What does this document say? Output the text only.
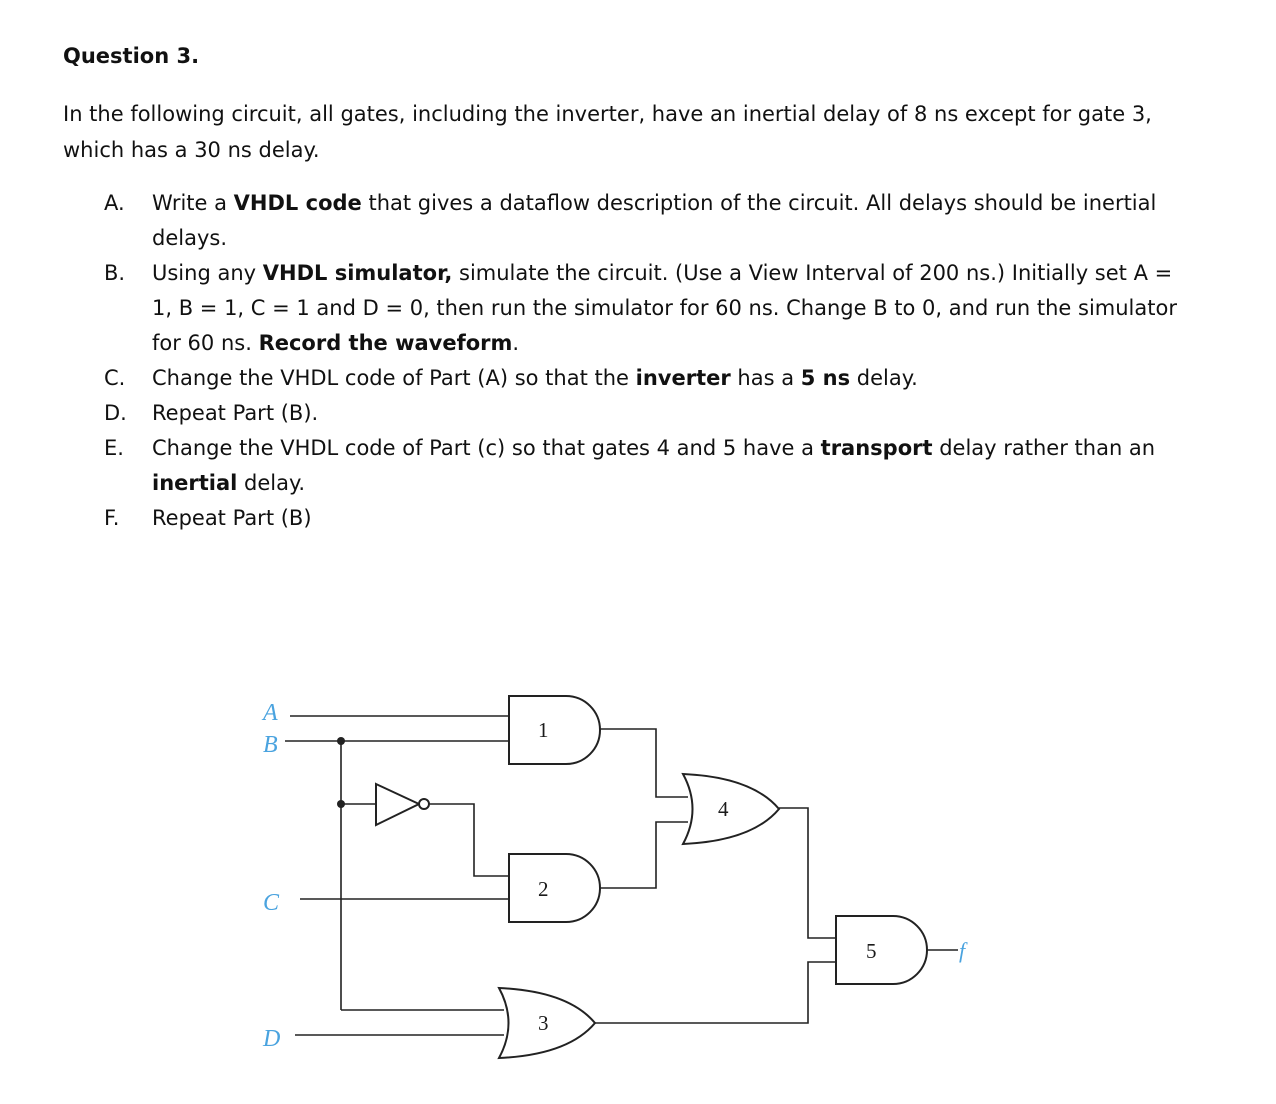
Question 3.
In the following circuit, all gates, including the inverter, have an inertial delay of 8 ns except for gate 3, which has a 30 ns delay.
A.	Write a VHDL code that gives a dataflow description of the circuit. All delays should be inertial delays.
B.	Using any VHDL simulator, simulate the circuit. (Use a View Interval of 200 ns.) Initially set A = 1, B = 1, C = 1 and D = 0, then run the simulator for 60 ns. Change B to 0, and run the simulator for 60 ns. Record the waveform.
C.	Change the VHDL code of Part (A) so that the inverter has a 5 ns delay.
D.	Repeat Part (B).
E.	Change the VHDL code of Part (c) so that gates 4 and 5 have a transport delay rather than an inertial delay.
F.	Repeat Part (B)
A
B
C
D
1
2
3
4
5	f
